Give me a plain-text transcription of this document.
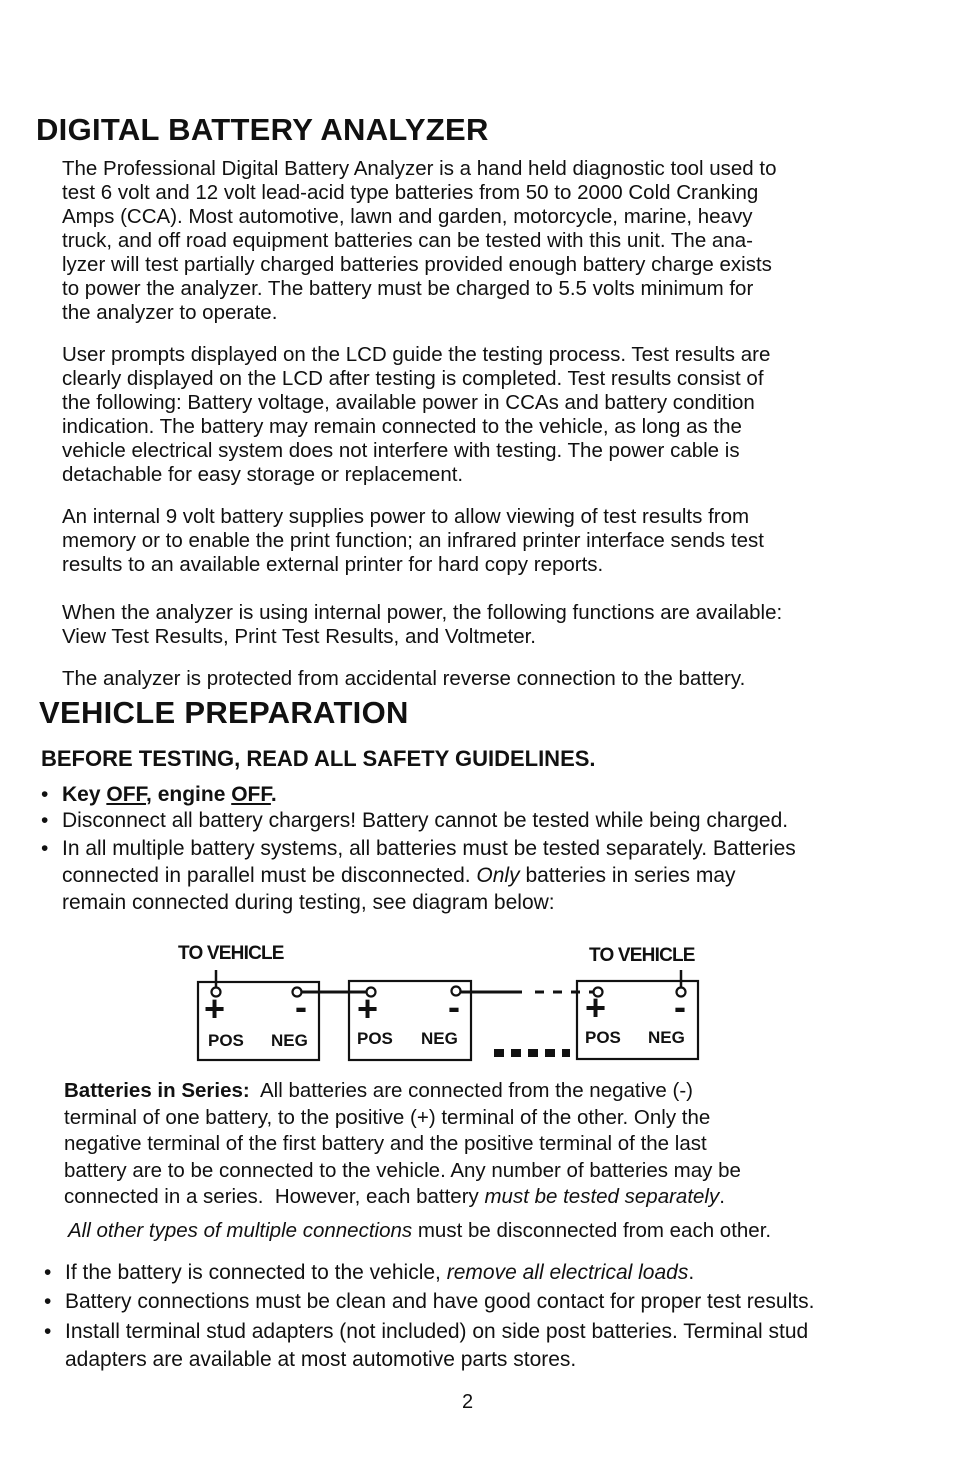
DIGITAL BATTERY ANALYZER
The Professional Digital Battery Analyzer is a hand held diagnostic tool used to
test 6 volt and 12 volt lead-acid type batteries from 50 to 2000 Cold Cranking
Amps (CCA). Most automotive, lawn and garden, motorcycle, marine, heavy
truck, and off road equipment batteries can be tested with this unit. The ana-
lyzer will test partially charged batteries provided enough battery charge exists
to power the analyzer. The battery must be charged to 5.5 volts minimum for
the analyzer to operate.
User prompts displayed on the LCD guide the testing process. Test results are
clearly displayed on the LCD after testing is completed. Test results consist of
the following: Battery voltage, available power in CCAs and battery condition
indication. The battery may remain connected to the vehicle, as long as the
vehicle electrical system does not interfere with testing. The power cable is
detachable for easy storage or replacement.
An internal 9 volt battery supplies power to allow viewing of test results from
memory or to enable the print function; an infrared printer interface sends test
results to an available external printer for hard copy reports.
When the analyzer is using internal power, the following functions are available:
View Test Results, Print Test Results, and Voltmeter.
The analyzer is protected from accidental reverse connection to the battery.
VEHICLE PREPARATION
BEFORE TESTING, READ ALL SAFETY GUIDELINES.
• Key OFF, engine OFF.
• Disconnect all battery chargers! Battery cannot be tested while being charged.
• In all multiple battery systems, all batteries must be tested separately. Batteries
connected in parallel must be disconnected. Only batteries in series may
remain connected during testing, see diagram below:
TO VEHICLE	TO VEHICLE
+ -
POS NEG
+ -
POS NEG
+ -
POS NEG
Batteries in Series:  All batteries are connected from the negative (-)
terminal of one battery, to the positive (+) terminal of the other. Only the
negative terminal of the first battery and the positive terminal of the last
battery are to be connected to the vehicle. Any number of batteries may be
connected in a series.  However, each battery must be tested separately.
All other types of multiple connections must be disconnected from each other.
• If the battery is connected to the vehicle, remove all electrical loads.
• Battery connections must be clean and have good contact for proper test results.
• Install terminal stud adapters (not included) on side post batteries. Terminal stud
adapters are available at most automotive parts stores.
2
